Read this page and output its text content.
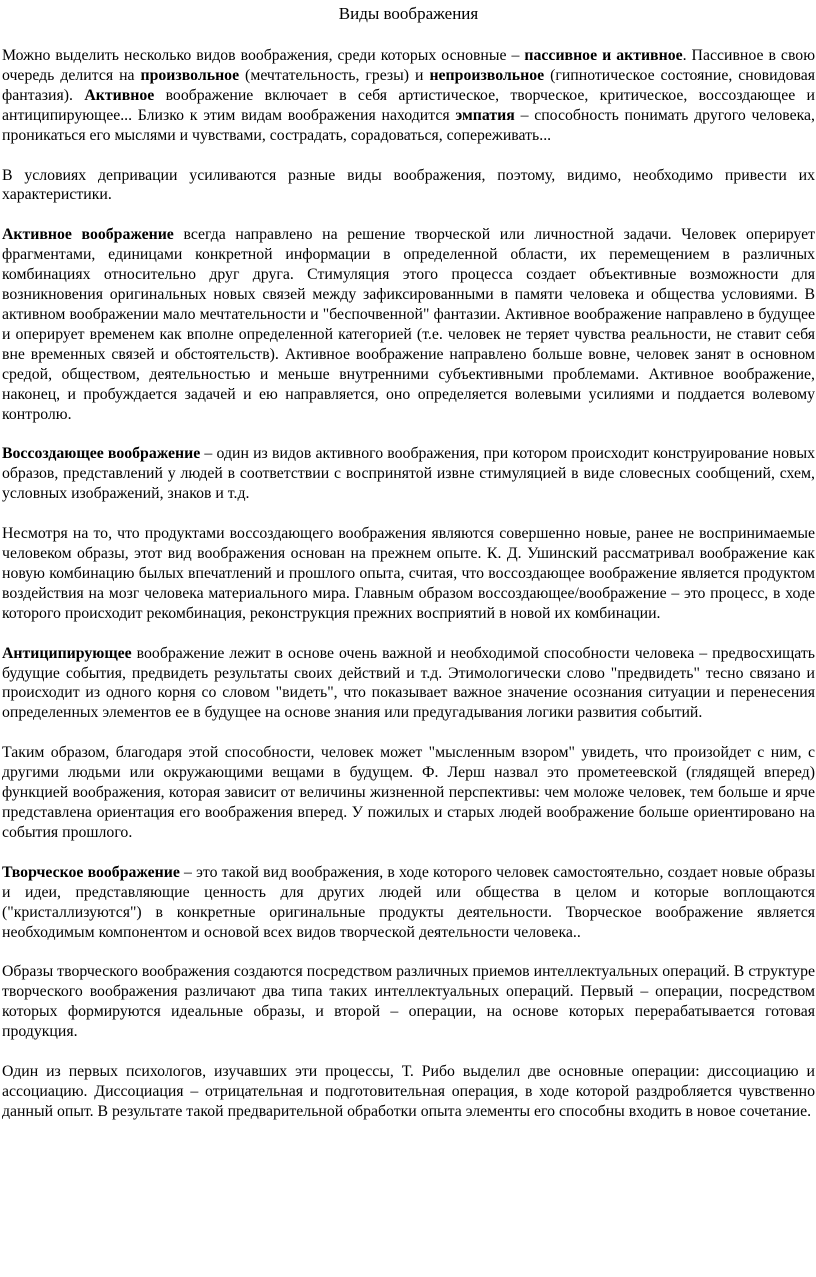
Виды воображения

Можно выделить несколько видов воображения, среди которых основные – пассивное и активное. Пассивное в свою очередь делится на произвольное (мечтательность, грезы) и непроизвольное (гипнотическое состояние, сновидовая фантазия). Активное воображение включает в себя артистическое, творческое, критическое, воссоздающее и антиципирующее... Близко к этим видам воображения находится эмпатия – способность понимать другого человека, проникаться его мыслями и чувствами, сострадать, сорадоваться, сопереживать...

В условиях депривации усиливаются разные виды воображения, поэтому, видимо, необходимо привести их характеристики.

Активное воображение всегда направлено на решение творческой или личностной задачи. Человек оперирует фрагментами, единицами конкретной информации в определенной области, их перемещением в различных комбинациях относительно друг друга. Стимуляция этого процесса создает объективные возможности для возникновения оригинальных новых связей между зафиксированными в памяти человека и общества условиями. В активном воображении мало мечтательности и "беспочвенной" фантазии. Активное воображение направлено в будущее и оперирует временем как вполне определенной категорией (т.е. человек не теряет чувства реальности, не ставит себя вне временных связей и обстоятельств). Активное воображение направлено больше вовне, человек занят в основном средой, обществом, деятельностью и меньше внутренними субъективными проблемами. Активное воображение, наконец, и пробуждается задачей и ею направляется, оно определяется волевыми усилиями и поддается волевому контролю.

Воссоздающее воображение – один из видов активного воображения, при котором происходит конструирование новых образов, представлений у людей в соответствии с воспринятой извне стимуляцией в виде словесных сообщений, схем, условных изображений, знаков и т.д.

Несмотря на то, что продуктами воссоздающего воображения являются совершенно новые, ранее не воспринимаемые человеком образы, этот вид воображения основан на прежнем опыте. К. Д. Ушинский рассматривал воображение как новую комбинацию былых впечатлений и прошлого опыта, считая, что воссоздающее воображение является продуктом воздействия на мозг человека материального мира. Главным образом воссоздающее/воображение – это процесс, в ходе которого происходит рекомбинация, реконструкция прежних восприятий в новой их комбинации.

Антиципирующее воображение лежит в основе очень важной и необходимой способности человека – предвосхищать будущие события, предвидеть результаты своих действий и т.д. Этимологически слово "предвидеть" тесно связано и происходит из одного корня со словом "видеть", что показывает важное значение осознания ситуации и перенесения определенных элементов ее в будущее на основе знания или предугадывания логики развития событий.

Таким образом, благодаря этой способности, человек может "мысленным взором" увидеть, что произойдет с ним, с другими людьми или окружающими вещами в будущем. Ф. Лерш назвал это прометеевской (глядящей вперед) функцией воображения, которая зависит от величины жизненной перспективы: чем моложе человек, тем больше и ярче представлена ориентация его воображения вперед. У пожилых и старых людей воображение больше ориентировано на события прошлого.

Творческое воображение – это такой вид воображения, в ходе которого человек самостоятельно, создает новые образы и идеи, представляющие ценность для других людей или общества в целом и которые воплощаются ("кристаллизуются") в конкретные оригинальные продукты деятельности. Творческое воображение является необходимым компонентом и основой всех видов творческой деятельности человека..

Образы творческого воображения создаются посредством различных приемов интеллектуальных операций. В структуре творческого воображения различают два типа таких интеллектуальных операций. Первый – операции, посредством которых формируются идеальные образы, и второй – операции, на основе которых перерабатывается готовая продукция.

Один из первых психологов, изучавших эти процессы, Т. Рибо выделил две основные операции: диссоциацию и ассоциацию. Диссоциация – отрицательная и подготовительная операция, в ходе которой раздробляется чувственно данный опыт. В результате такой предварительной обработки опыта элементы его способны входить в новое сочетание.
